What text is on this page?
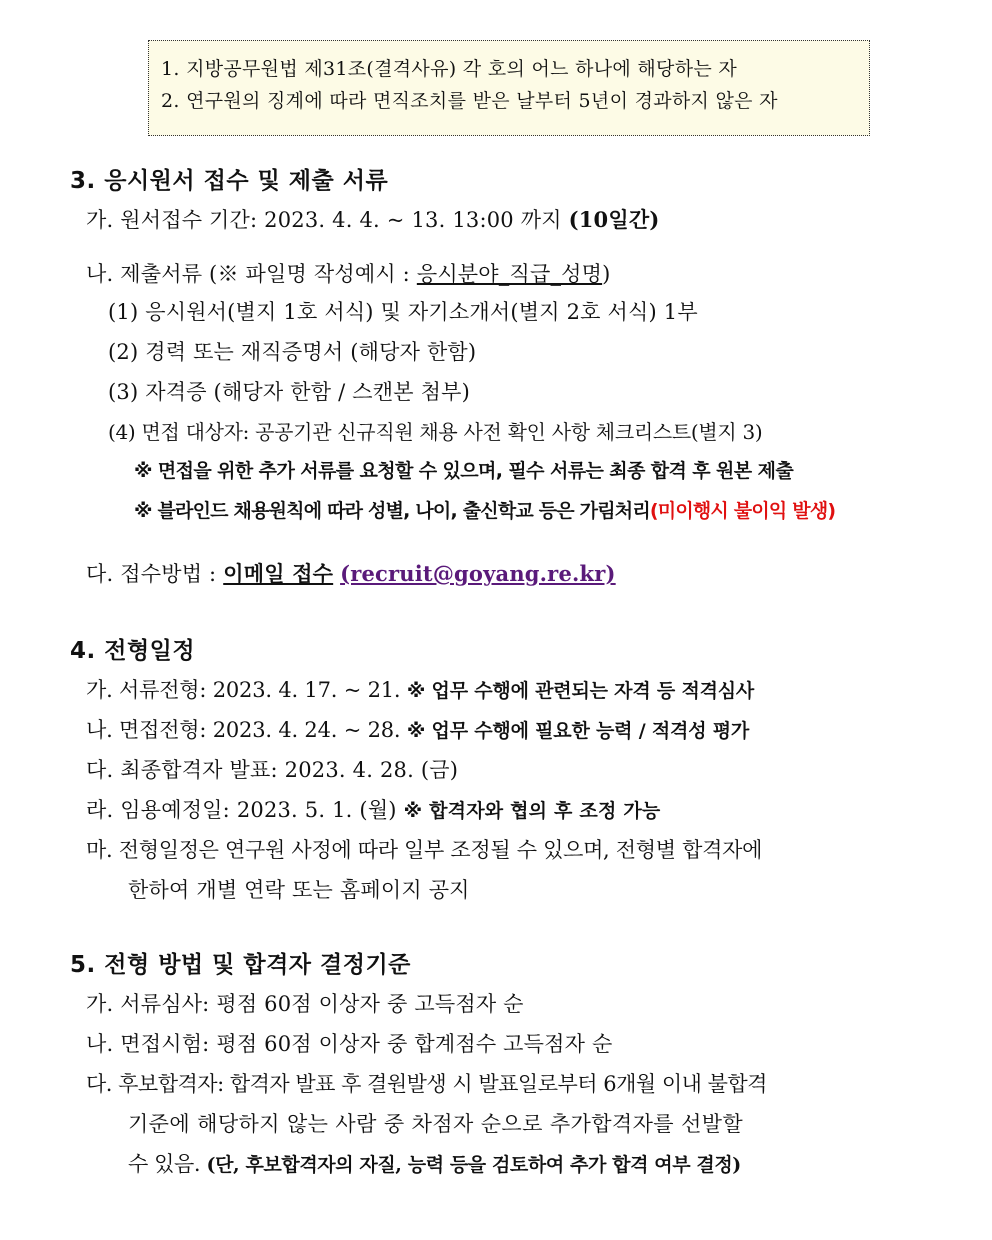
1. 지방공무원법 제31조(결격사유) 각 호의 어느 하나에 해당하는 자
2. 연구원의 징계에 따라 면직조치를 받은 날부터 5년이 경과하지 않은 자
3. 응시원서 접수 및 제출 서류
가. 원서접수 기간: 2023. 4. 4. ~ 13. 13:00 까지 (10일간)
나. 제출서류 (※ 파일명 작성예시 : 응시분야_직급_성명)
(1) 응시원서(별지 1호 서식) 및 자기소개서(별지 2호 서식) 1부
(2) 경력 또는 재직증명서 (해당자 한함)
(3) 자격증 (해당자 한함 / 스캔본 첨부)
(4) 면접 대상자: 공공기관 신규직원 채용 사전 확인 사항 체크리스트(별지 3)
※ 면접을 위한 추가 서류를 요청할 수 있으며, 필수 서류는 최종 합격 후 원본 제출
※ 블라인드 채용원칙에 따라 성별, 나이, 출신학교 등은 가림처리(미이행시 불이익 발생)
다. 접수방법 : 이메일 접수 (recruit@goyang.re.kr)
4. 전형일정
가. 서류전형: 2023. 4. 17. ~ 21. ※ 업무 수행에 관련되는 자격 등 적격심사
나. 면접전형: 2023. 4. 24. ~ 28. ※ 업무 수행에 필요한 능력 / 적격성 평가
다. 최종합격자 발표: 2023. 4. 28. (금)
라. 임용예정일: 2023. 5. 1. (월) ※ 합격자와 협의 후 조정 가능
마. 전형일정은 연구원 사정에 따라 일부 조정될 수 있으며, 전형별 합격자에
한하여 개별 연락 또는 홈페이지 공지
5. 전형 방법 및 합격자 결정기준
가. 서류심사: 평점 60점 이상자 중 고득점자 순
나. 면접시험: 평점 60점 이상자 중 합계점수 고득점자 순
다. 후보합격자: 합격자 발표 후 결원발생 시 발표일로부터 6개월 이내 불합격
기준에 해당하지 않는 사람 중 차점자 순으로 추가합격자를 선발할
수 있음. (단, 후보합격자의 자질, 능력 등을 검토하여 추가 합격 여부 결정)
